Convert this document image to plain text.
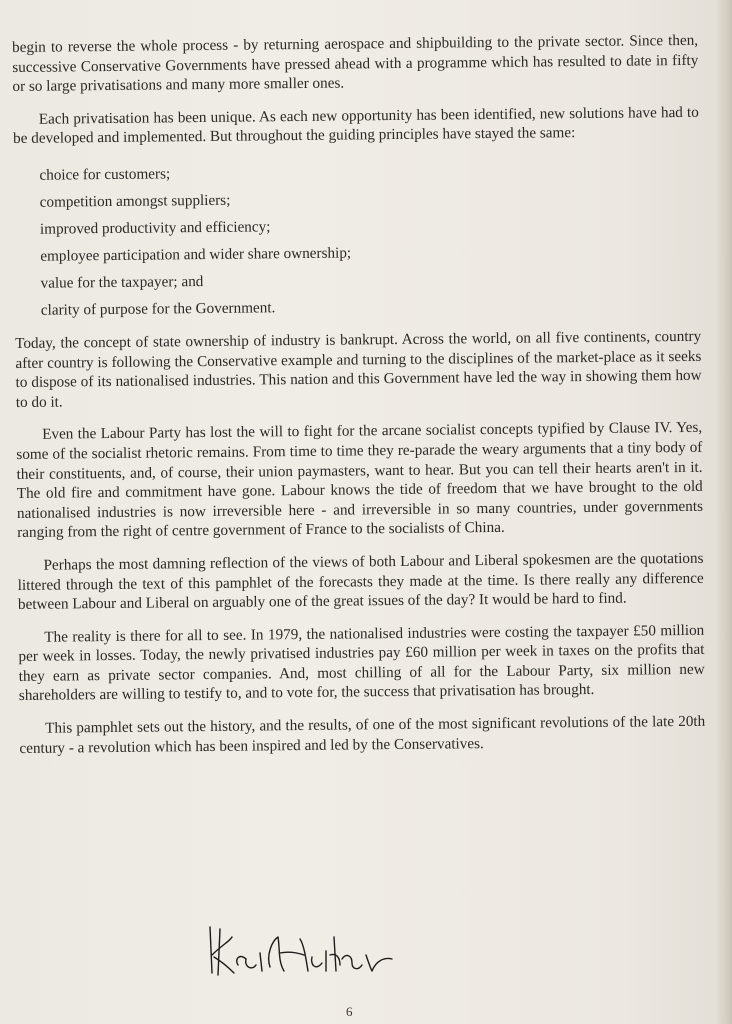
begin to reverse the whole process - by returning aerospace and shipbuilding to the private sector. Since then, successive Conservative Governments have pressed ahead with a programme which has resulted to date in fifty or so large privatisations and many more smaller ones.

Each privatisation has been unique. As each new opportunity has been identified, new solutions have had to be developed and implemented. But throughout the guiding principles have stayed the same:

choice for customers;
competition amongst suppliers;
improved productivity and efficiency;
employee participation and wider share ownership;
value for the taxpayer; and
clarity of purpose for the Government.

Today, the concept of state ownership of industry is bankrupt. Across the world, on all five continents, country after country is following the Conservative example and turning to the disciplines of the market-place as it seeks to dispose of its nationalised industries. This nation and this Government have led the way in showing them how to do it.

Even the Labour Party has lost the will to fight for the arcane socialist concepts typified by Clause IV. Yes, some of the socialist rhetoric remains. From time to time they re-parade the weary arguments that a tiny body of their constituents, and, of course, their union paymasters, want to hear. But you can tell their hearts aren't in it. The old fire and commitment have gone. Labour knows the tide of freedom that we have brought to the old nationalised industries is now irreversible here - and irreversible in so many countries, under governments ranging from the right of centre government of France to the socialists of China.

Perhaps the most damning reflection of the views of both Labour and Liberal spokesmen are the quotations littered through the text of this pamphlet of the forecasts they made at the time. Is there really any difference between Labour and Liberal on arguably one of the great issues of the day? It would be hard to find.

The reality is there for all to see. In 1979, the nationalised industries were costing the taxpayer £50 million per week in losses. Today, the newly privatised industries pay £60 million per week in taxes on the profits that they earn as private sector companies. And, most chilling of all for the Labour Party, six million new shareholders are willing to testify to, and to vote for, the success that privatisation has brought.

This pamphlet sets out the history, and the results, of one of the most significant revolutions of the late 20th century - a revolution which has been inspired and led by the Conservatives.

6
